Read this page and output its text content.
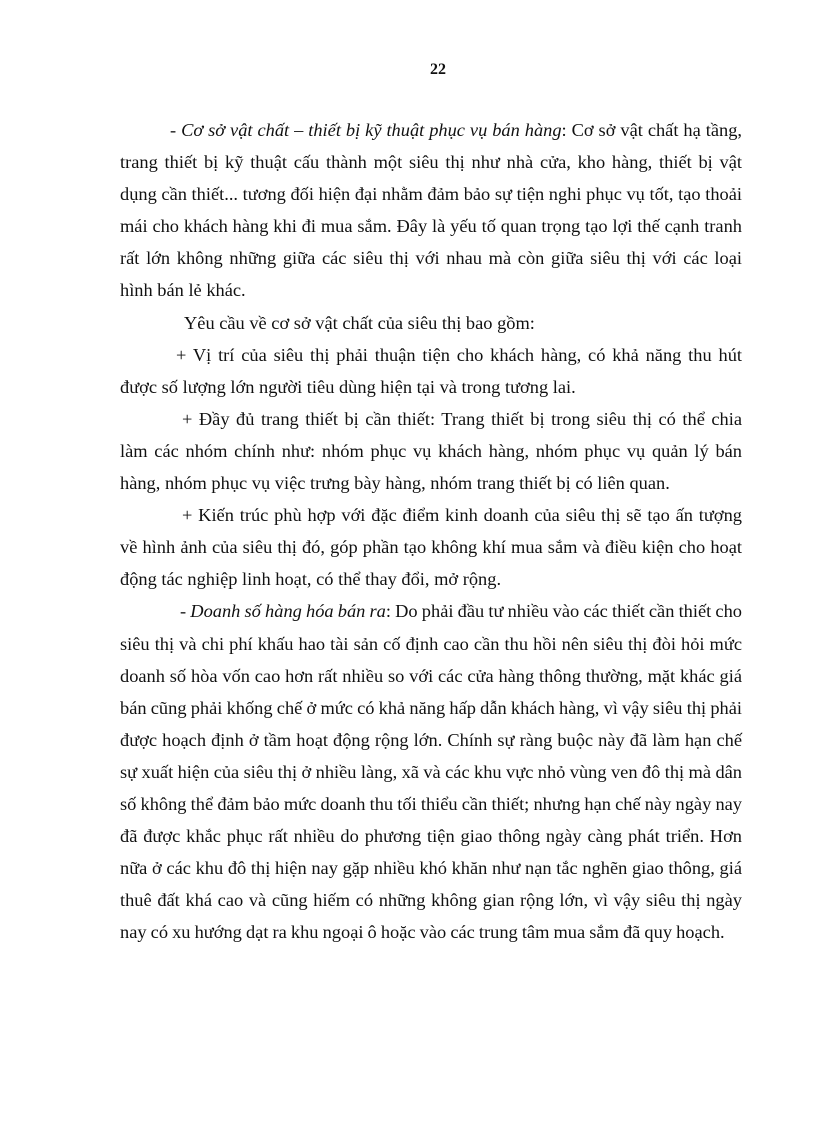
22

- Cơ sở vật chất – thiết bị kỹ thuật phục vụ bán hàng: Cơ sở vật chất hạ tầng, trang thiết bị kỹ thuật cấu thành một siêu thị như nhà cửa, kho hàng, thiết bị vật dụng cần thiết... tương đối hiện đại nhằm đảm bảo sự tiện nghi phục vụ tốt, tạo thoải mái cho khách hàng khi đi mua sắm. Đây là yếu tố quan trọng tạo lợi thế cạnh tranh rất lớn không những giữa các siêu thị với nhau mà còn giữa siêu thị với các loại hình bán lẻ khác.

Yêu cầu về cơ sở vật chất của siêu thị bao gồm:

+ Vị trí của siêu thị phải thuận tiện cho khách hàng, có khả năng thu hút được số lượng lớn người tiêu dùng hiện tại và trong tương lai.

+ Đầy đủ trang thiết bị cần thiết: Trang thiết bị trong siêu thị có thể chia làm các nhóm chính như: nhóm phục vụ khách hàng, nhóm phục vụ quản lý bán hàng, nhóm phục vụ việc trưng bày hàng, nhóm trang thiết bị có liên quan.

+ Kiến trúc phù hợp với đặc điểm kinh doanh của siêu thị sẽ tạo ấn tượng về hình ảnh của siêu thị đó, góp phần tạo không khí mua sắm và điều kiện cho hoạt động tác nghiệp linh hoạt, có thể thay đổi, mở rộng.

- Doanh số hàng hóa bán ra: Do phải đầu tư nhiều vào các thiết cần thiết cho siêu thị và chi phí khấu hao tài sản cố định cao cần thu hồi nên siêu thị đòi hỏi mức doanh số hòa vốn cao hơn rất nhiều so với các cửa hàng thông thường, mặt khác giá bán cũng phải khống chế ở mức có khả năng hấp dẫn khách hàng, vì vậy siêu thị phải được hoạch định ở tầm hoạt động rộng lớn. Chính sự ràng buộc này đã làm hạn chế sự xuất hiện của siêu thị ở nhiều làng, xã và các khu vực nhỏ vùng ven đô thị mà dân số không thể đảm bảo mức doanh thu tối thiểu cần thiết; nhưng hạn chế này ngày nay đã được khắc phục rất nhiều do phương tiện giao thông ngày càng phát triển. Hơn nữa ở các khu đô thị hiện nay gặp nhiều khó khăn như nạn tắc nghẽn giao thông, giá thuê đất khá cao và cũng hiếm có những không gian rộng lớn, vì vậy siêu thị ngày nay có xu hướng dạt ra khu ngoại ô hoặc vào các trung tâm mua sắm đã quy hoạch.
